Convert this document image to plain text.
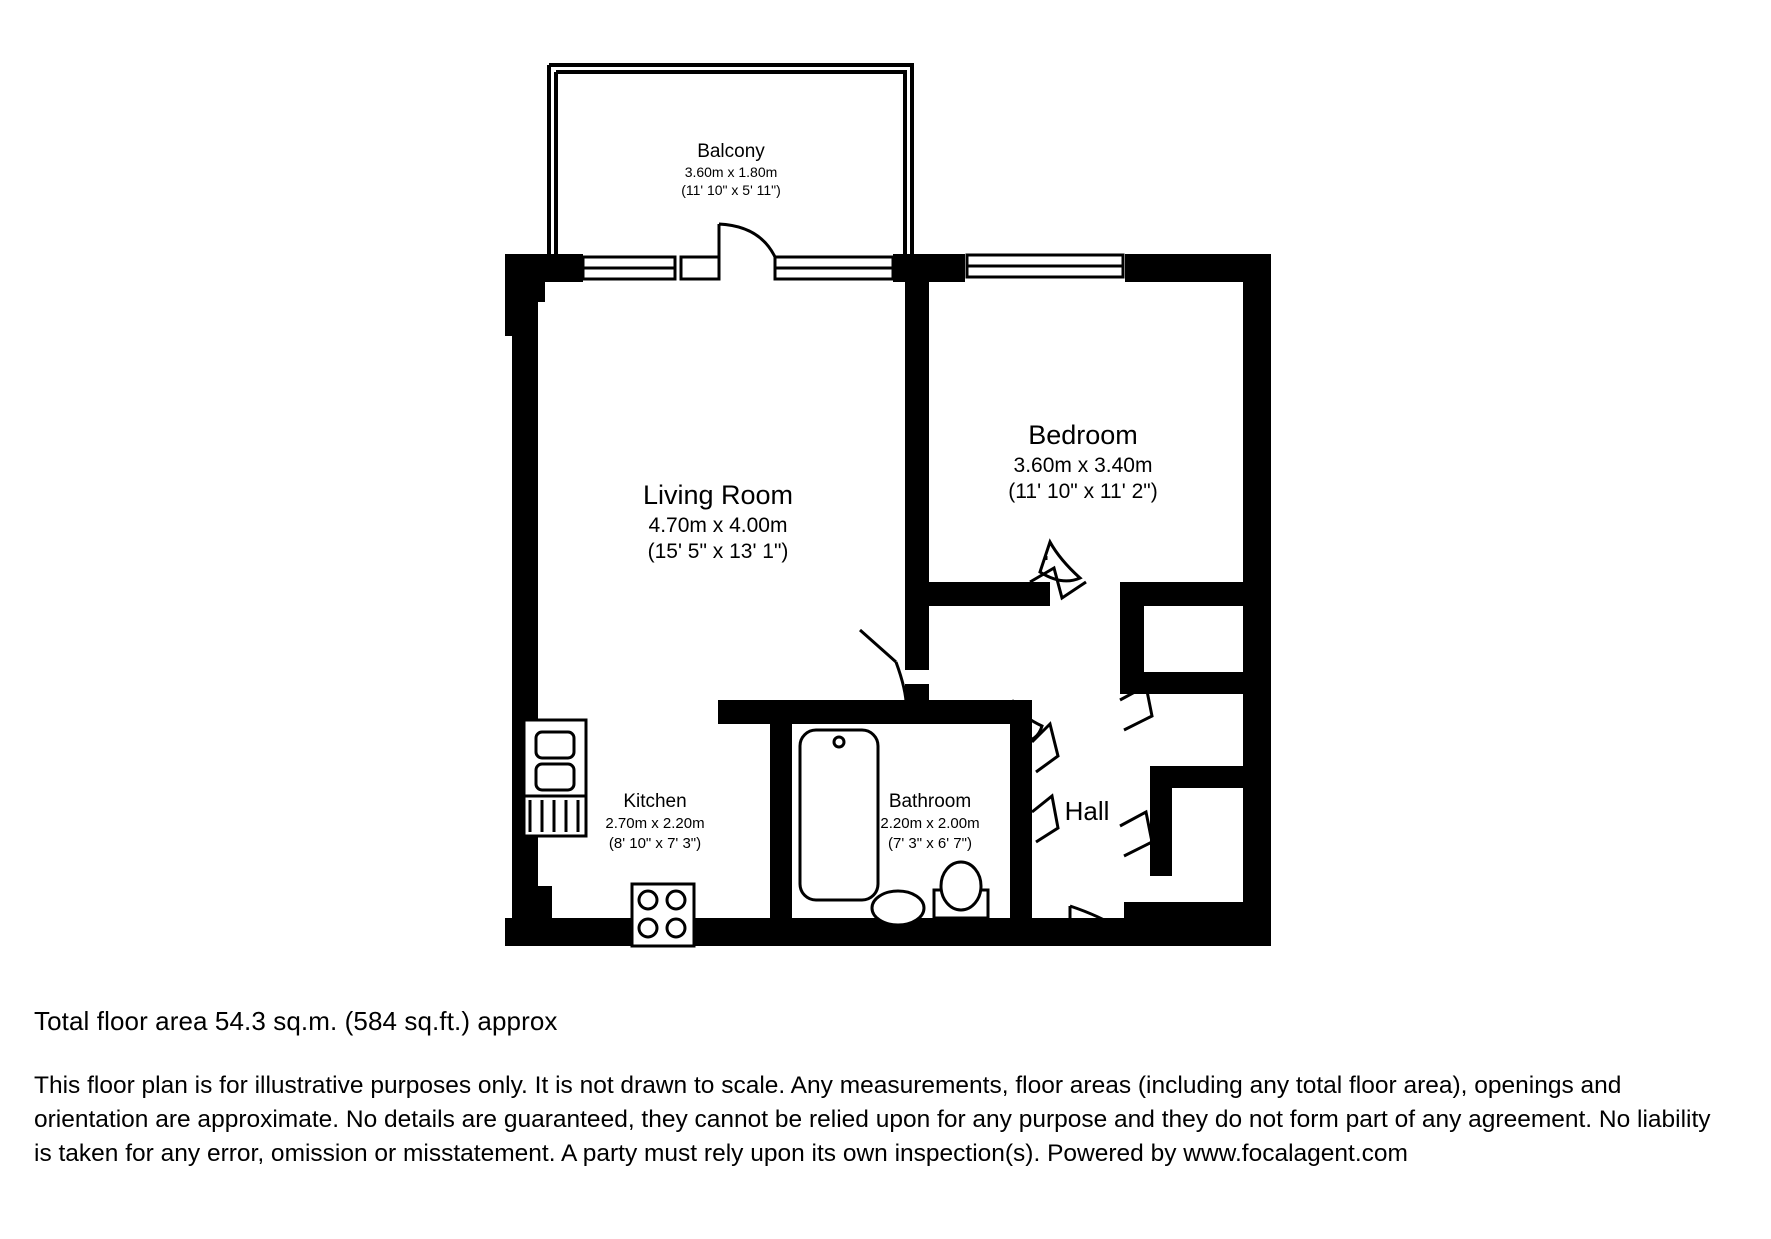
Balcony
3.60m x 1.80m
(11' 10" x 5' 11")
Living Room
4.70m x 4.00m
(15' 5" x 13' 1")
Bedroom
3.60m x 3.40m
(11' 10" x 11' 2")
Kitchen
2.70m x 2.20m
(8' 10" x 7' 3")
Bathroom
2.20m x 2.00m
(7' 3" x 6' 7")
Hall

Total floor area 54.3 sq.m. (584 sq.ft.) approx

This floor plan is for illustrative purposes only. It is not drawn to scale. Any measurements, floor areas (including any total floor area), openings and orientation are approximate. No details are guaranteed, they cannot be relied upon for any purpose and they do not form part of any agreement. No liability is taken for any error, omission or misstatement. A party must rely upon its own inspection(s). Powered by www.focalagent.com
